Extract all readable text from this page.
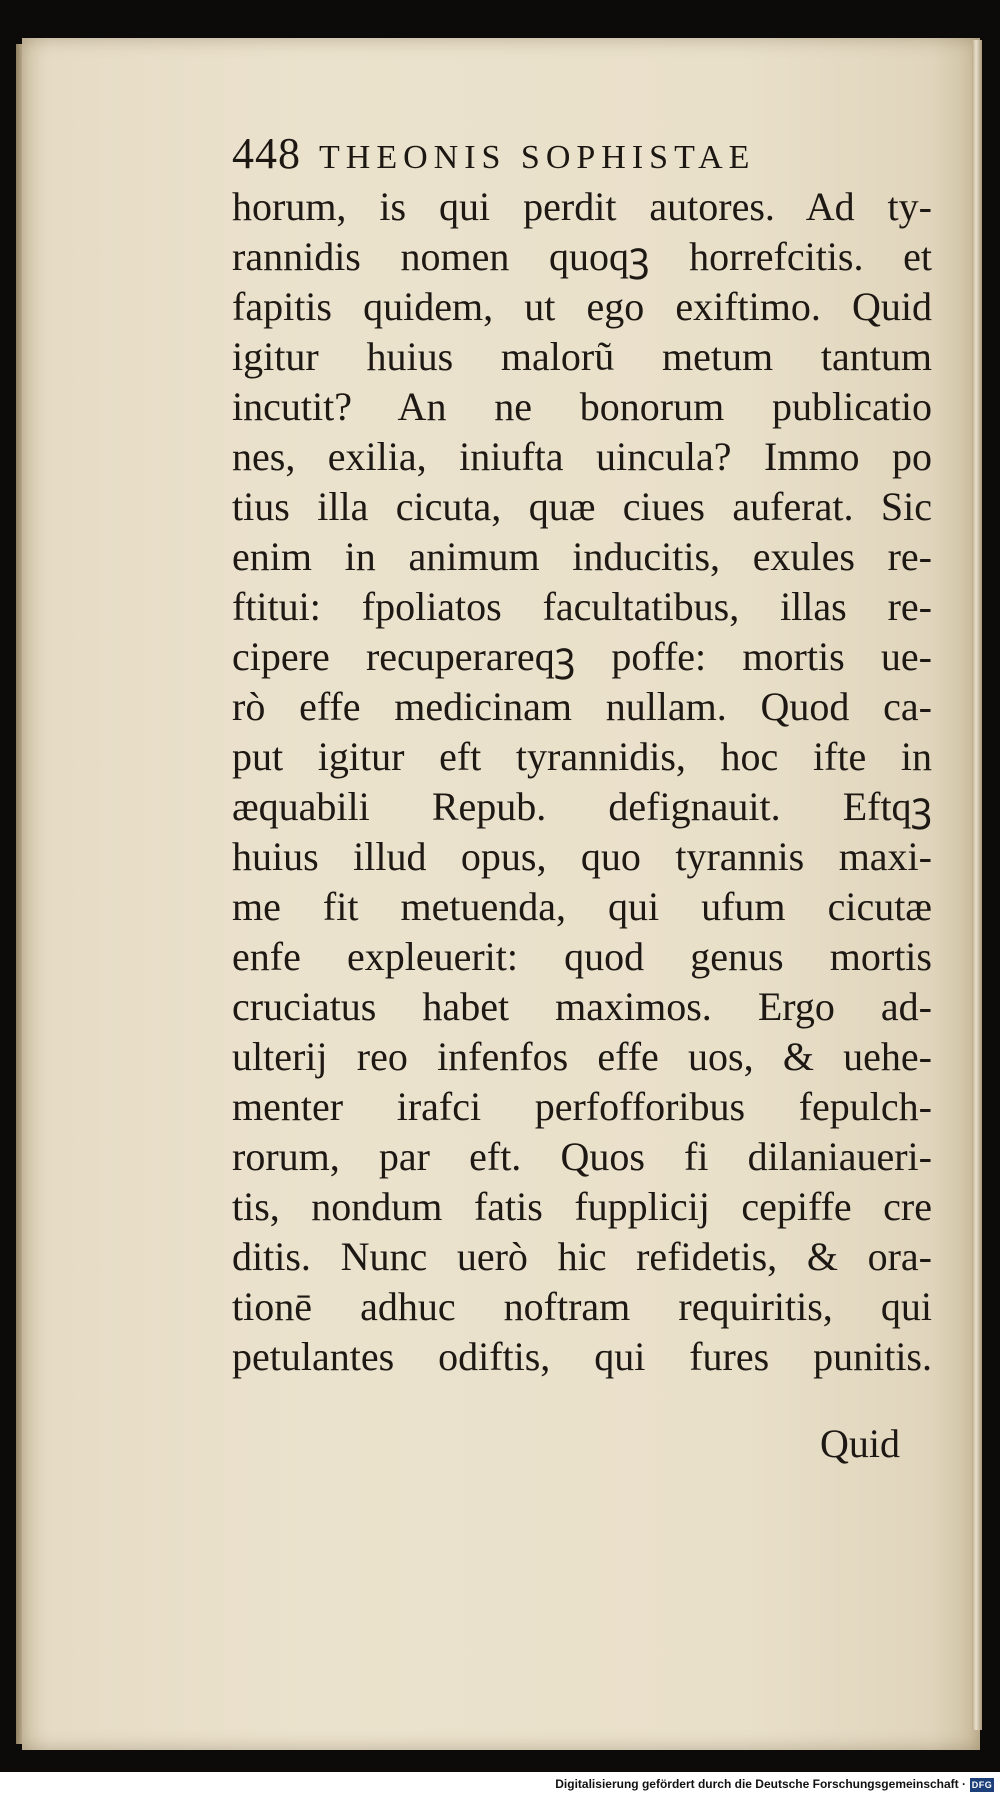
448 THEONIS SOPHISTAE
horum, is qui perdit autores. Ad ty-
rannidis nomen quoqꝫ horrefcitis. et
fapitis quidem, ut ego exiftimo. Quid
igitur huius malorũ metum tantum
incutit? An ne bonorum publicatio
nes, exilia, iniufta uincula? Immo po
tius illa cicuta, quæ ciues auferat. Sic
enim in animum inducitis, exules re-
ftitui: fpoliatos facultatibus, illas re-
cipere recuperareqꝫ poffe: mortis ue-
rò effe medicinam nullam. Quod ca-
put igitur eft tyrannidis, hoc ifte in
æquabili Repub. defignauit. Eftqꝫ
huius illud opus, quo tyrannis maxi-
me fit metuenda, qui ufum cicutæ
enfe expleuerit: quod genus mortis
cruciatus habet maximos. Ergo ad-
ulterij reo infenfos effe uos, & uehe-
menter irafci perfofforibus fepulch-
rorum, par eft. Quos fi dilaniaueri-
tis, nondum fatis fupplicij cepiffe cre
ditis. Nunc uerò hic refidetis, & ora-
tionē adhuc noftram requiritis, qui
petulantes odiftis, qui fures punitis.
Quid
Digitalisierung gefördert durch die Deutsche Forschungsgemeinschaft · DFG
